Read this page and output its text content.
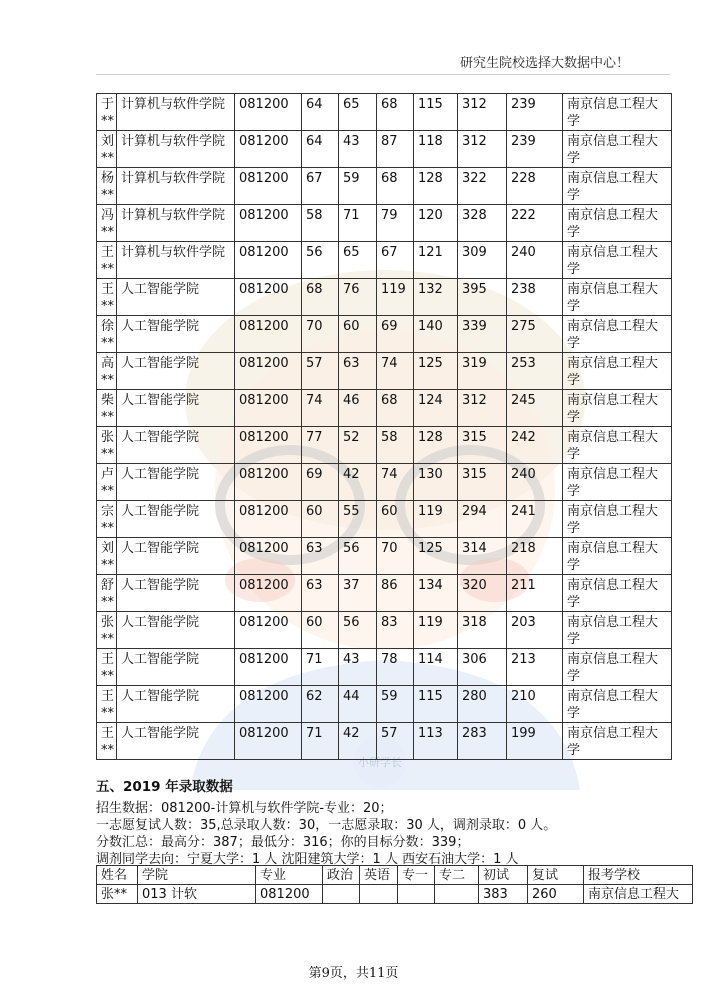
研究生院校选择大数据中心！
小研学长
于**	计算机与软件学院	081200	64	65	68	115	312	239	南京信息工程大学
刘**	计算机与软件学院	081200	64	43	87	118	312	239	南京信息工程大学
杨**	计算机与软件学院	081200	67	59	68	128	322	228	南京信息工程大学
冯**	计算机与软件学院	081200	58	71	79	120	328	222	南京信息工程大学
王**	计算机与软件学院	081200	56	65	67	121	309	240	南京信息工程大学
王**	人工智能学院	081200	68	76	119	132	395	238	南京信息工程大学
徐**	人工智能学院	081200	70	60	69	140	339	275	南京信息工程大学
高**	人工智能学院	081200	57	63	74	125	319	253	南京信息工程大学
柴**	人工智能学院	081200	74	46	68	124	312	245	南京信息工程大学
张**	人工智能学院	081200	77	52	58	128	315	242	南京信息工程大学
卢**	人工智能学院	081200	69	42	74	130	315	240	南京信息工程大学
宗**	人工智能学院	081200	60	55	60	119	294	241	南京信息工程大学
刘**	人工智能学院	081200	63	56	70	125	314	218	南京信息工程大学
舒**	人工智能学院	081200	63	37	86	134	320	211	南京信息工程大学
张**	人工智能学院	081200	60	56	83	119	318	203	南京信息工程大学
王**	人工智能学院	081200	71	43	78	114	306	213	南京信息工程大学
王**	人工智能学院	081200	62	44	59	115	280	210	南京信息工程大学
王**	人工智能学院	081200	71	42	57	113	283	199	南京信息工程大学
五、2019 年录取数据
招生数据：081200-计算机与软件学院-专业：20；
一志愿复试人数：35,总录取人数：30，一志愿录取：30 人，调剂录取：0 人。
分数汇总：最高分：387；最低分：316；你的目标分数：339；
调剂同学去向：宁夏大学：1 人 沈阳建筑大学：1 人 西安石油大学：1 人
姓名	学院	专业	政治	英语	专一	专二	初试	复试	报考学校
张**	013 计软	081200					383	260	南京信息工程大
第9页，共11页
